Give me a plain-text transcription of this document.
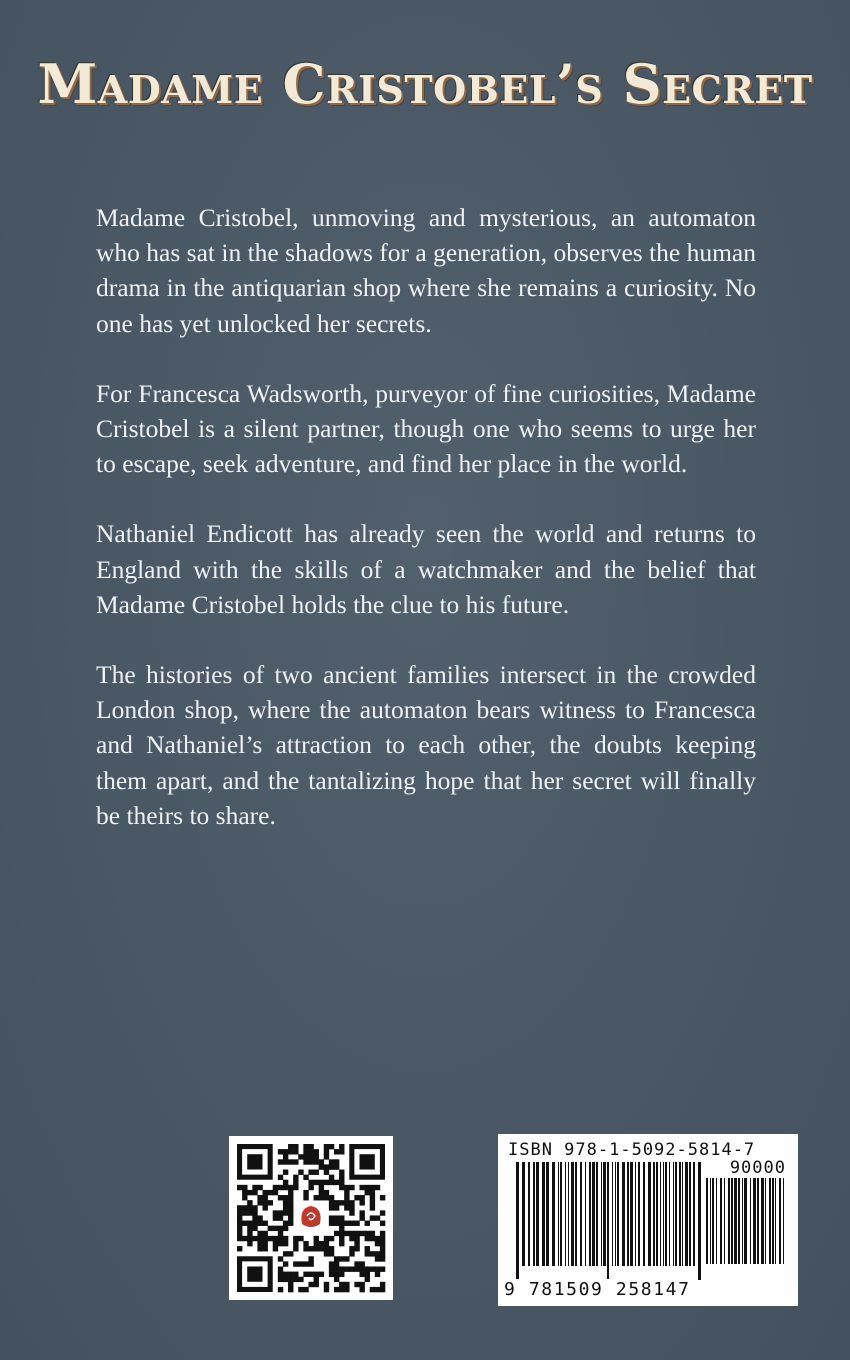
Madame Cristobel’s Secret

Madame Cristobel, unmoving and mysterious, an automaton who has sat in the shadows for a generation, observes the human drama in the antiquarian shop where she remains a curiosity. No one has yet unlocked her secrets.

For Francesca Wadsworth, purveyor of fine curiosities, Madame Cristobel is a silent partner, though one who seems to urge her to escape, seek adventure, and find her place in the world.

Nathaniel Endicott has already seen the world and returns to England with the skills of a watchmaker and the belief that Madame Cristobel holds the clue to his future.

The histories of two ancient families intersect in the crowded London shop, where the automaton bears witness to Francesca and Nathaniel’s attraction to each other, the doubts keeping them apart, and the tantalizing hope that her secret will finally be theirs to share.

ISBN 978-1-5092-5814-7
90000
9 781509 258147
